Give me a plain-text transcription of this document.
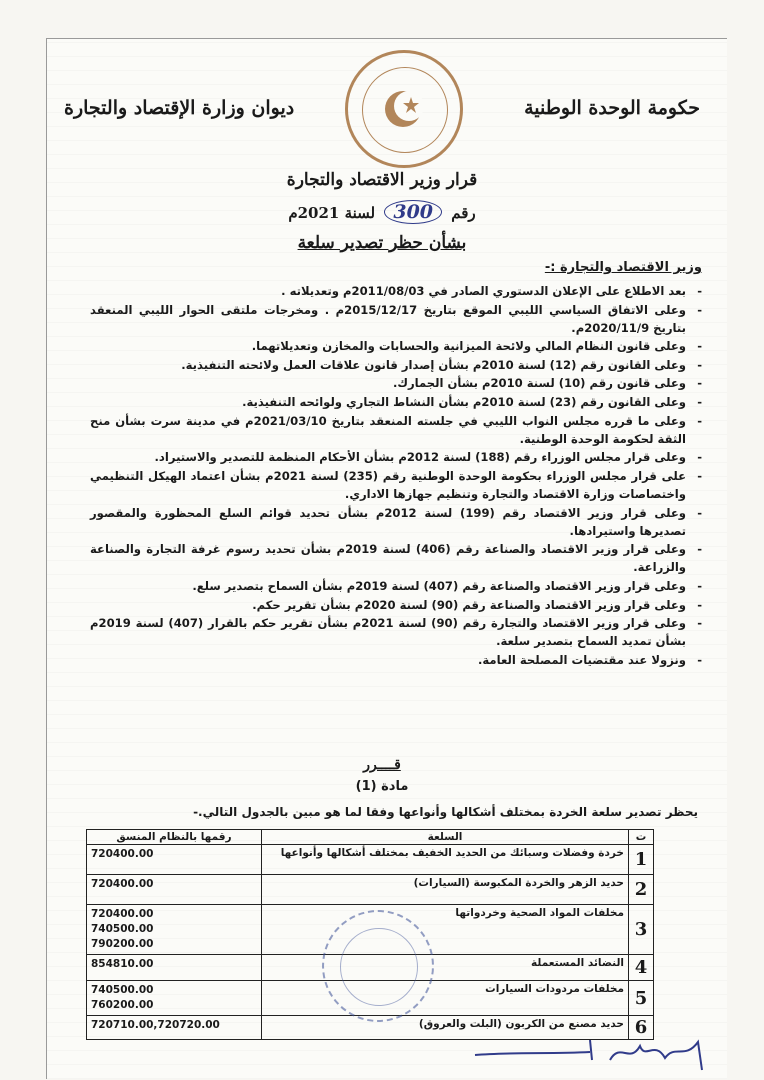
حكومة الوحدة الوطنية
ديوان وزارة الإقتصاد والتجارة
قرار وزير الاقتصاد والتجارة
رقم 300 لسنة 2021م
بشأن حظر تصدير سلعة
وزير الاقتصاد والتجارة :-

- بعد الاطلاع على الإعلان الدستوري الصادر في 2011/08/03م وتعديلاته .

- وعلى الاتفاق السياسي الليبي الموقع بتاريخ 2015/12/17م . ومخرجات ملتقى الحوار الليبي المنعقد بتاريخ 2020/11/9م.

- وعلى قانون النظام المالي ولائحة الميزانية والحسابات والمخازن وتعديلاتهما.

- وعلى القانون رقم (12) لسنة 2010م بشأن إصدار قانون علاقات العمل ولائحته التنفيذية.

- وعلى قانون رقم (10) لسنة 2010م بشأن الجمارك.

- وعلى القانون رقم (23) لسنة 2010م بشأن النشاط التجاري ولوائحه التنفيذية.

- وعلى ما قرره مجلس النواب الليبي في جلسته المنعقد بتاريخ 2021/03/10م في مدينة سرت بشأن منح الثقة لحكومة الوحدة الوطنية.

- وعلى قرار مجلس الوزراء رقم (188) لسنة 2012م بشأن الأحكام المنظمة للتصدير والاستيراد.

- على قرار مجلس الوزراء بحكومة الوحدة الوطنية رقم (235) لسنة 2021م بشأن اعتماد الهيكل التنظيمي واختصاصات وزارة الاقتصاد والتجارة وتنظيم جهازها الاداري.

- وعلى قرار وزير الاقتصاد رقم (199) لسنة 2012م بشأن تحديد قوائم السلع المحظورة والمقصور تصديرها واستيرادها.

- وعلى قرار وزير الاقتصاد والصناعة رقم (406) لسنة 2019م بشأن تحديد رسوم غرفة التجارة والصناعة والزراعة.

- وعلى قرار وزير الاقتصاد والصناعة رقم (407) لسنة 2019م بشأن السماح بتصدير سلع.

- وعلى قرار وزير الاقتصاد والصناعة رقم (90) لسنة 2020م بشأن تقرير حكم.

- وعلى قرار وزير الاقتصاد والتجارة رقم (90) لسنة 2021م بشأن تقرير حكم بالقرار (407) لسنة 2019م بشأن تمديد السماح بتصدير سلعة.

- ونزولا عند مقتضيات المصلحة العامة.

قــــرر
مادة (1)
يحظر تصدير سلعة الخردة بمختلف أشكالها وأنواعها وفقا لما هو مبين بالجدول التالي.-
ت	السلعة	رقمها بالنظام المنسق
1	خردة وفضلات وسبائك من الحديد الخفيف بمختلف أشكالها وأنواعها	720400.00
2	حديد الزهر والخردة المكبوسة (السيارات)	720400.00
3	مخلفات المواد الصحية وخردواتها	720400.00
740500.00
790200.00
4	النضائد المستعملة	854810.00
5	مخلفات مردودات السيارات	740500.00
760200.00
6	حديد مصنع من الكربون (البلت والعروق)	720710.00,720720.00
